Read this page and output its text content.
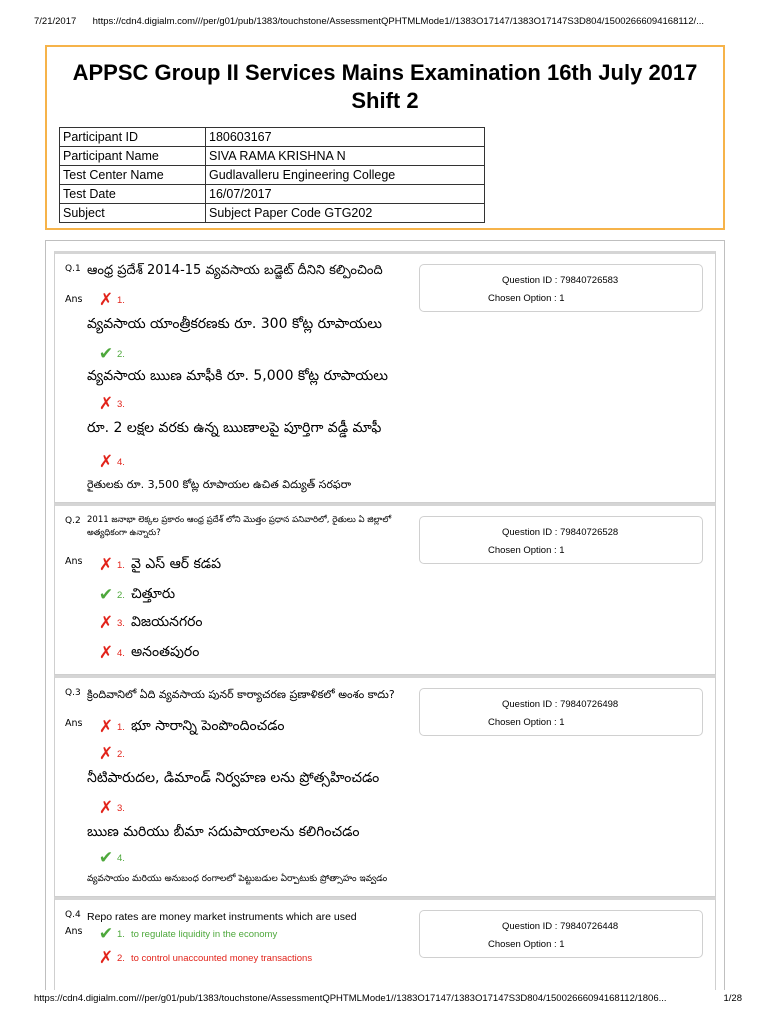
7/21/2017 https://cdn4.digialm.com///per/g01/pub/1383/touchstone/AssessmentQPHTMLMode1//1383O17147/1383O17147S3D804/15002666094168112/...
APPSC Group II Services Mains Examination 16th July 2017
Shift 2
Participant ID	180603167
Participant Name	SIVA RAMA KRISHNA N
Test Center Name	Gudlavalleru Engineering College
Test Date	16/07/2017
Subject	Subject Paper Code GTG202
Q.1 ఆంధ్ర ప్రదేశ్ 2014-15 వ్యవసాయ బడ్జెట్ దీనిని కల్పించింది
Ans
Question ID : 79840726583
Chosen Option : 1
✗ 1.
వ్యవసాయ యాంత్రీకరణకు రూ. 300 కోట్ల రూపాయలు
✔ 2.
వ్యవసాయ ఋణ మాఫీకి రూ. 5,000 కోట్ల రూపాయలు
✗ 3.
రూ. 2 లక్షల వరకు ఉన్న ఋణాలపై పూర్తిగా వడ్డీ మాఫీ
✗ 4.
రైతులకు రూ. 3,500 కోట్ల రూపాయల ఉచిత విద్యుత్ సరఫరా
Q.2 2011 జనాభా లెక్కల ప్రకారం ఆంధ్ర ప్రదేశ్ లోని మొత్తం ప్రధాన పనివారిలో, రైతులు ఏ జిల్లాలో అత్యధికంగా ఉన్నారు?
Ans
Question ID : 79840726528
Chosen Option : 1
✗ 1. వై ఎస్ ఆర్ కడప
✔ 2. చిత్తూరు
✗ 3. విజయనగరం
✗ 4. అనంతపురం
Q.3 క్రిందివానిలో ఏది వ్యవసాయ పునర్ కార్యాచరణ ప్రణాళికలో అంశం కాదు?
Ans
Question ID : 79840726498
Chosen Option : 1
✗ 1. భూ సారాన్ని పెంపొందించడం
✗ 2.
నీటిపారుదల, డిమాండ్ నిర్వహణ లను ప్రోత్సహించడం
✗ 3.
ఋణ మరియు బీమా సదుపాయాలను కలిగించడం
✔ 4.
వ్యవసాయం మరియు అనుబంధ రంగాలలో పెట్టుబడుల ఏర్పాటుకు ప్రోత్సాహం ఇవ్వడం
Q.4 Repo rates are money market instruments which are used
Ans	Question ID : 79840726448
Chosen Option : 1
✔ 1. to regulate liquidity in the economy
✗ 2. to control unaccounted money transactions
https://cdn4.digialm.com///per/g01/pub/1383/touchstone/AssessmentQPHTMLMode1//1383O17147/1383O17147S3D804/15002666094168112/1806...	1/28
